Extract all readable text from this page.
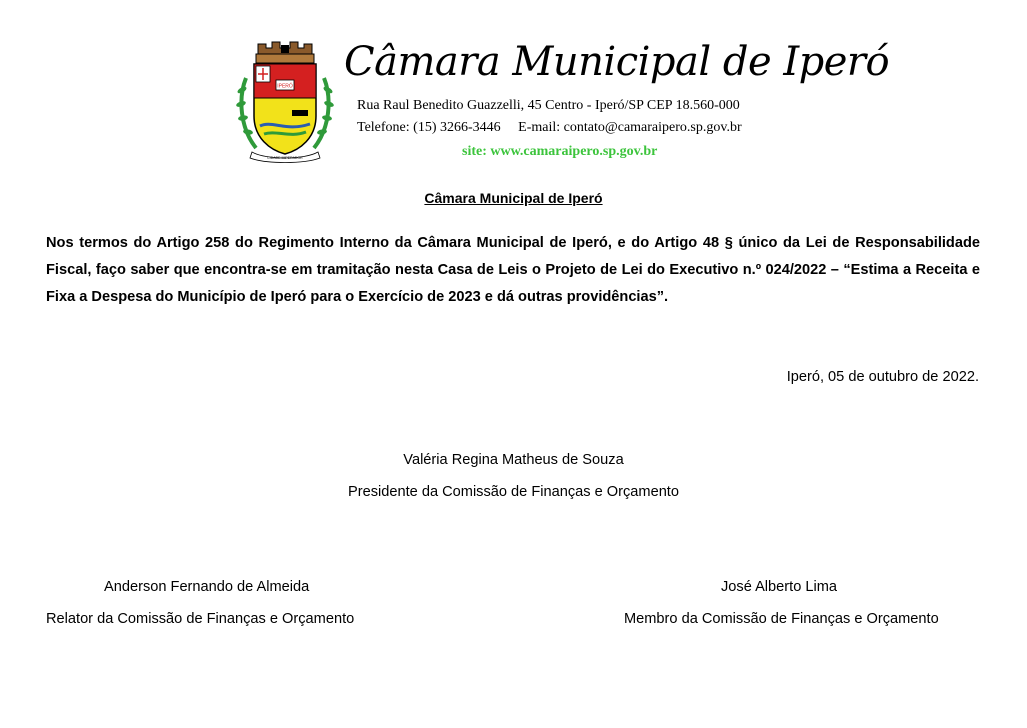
IPERÓ
CIDADE IMPERADOR
Câmara Municipal de Iperó
Rua Raul Benedito Guazzelli, 45 Centro - Iperó/SP CEP 18.560-000
Telefone: (15) 3266-3446     E-mail: contato@camaraipero.sp.gov.br
site: www.camaraipero.sp.gov.br
Câmara Municipal de Iperó

Nos termos do Artigo 258 do Regimento Interno da Câmara Municipal de Iperó, e do Artigo 48 § único da Lei de Responsabilidade Fiscal, faço saber que encontra-se em tramitação nesta Casa de Leis o Projeto de Lei do Executivo n.º 024/2022 – “Estima a Receita e Fixa a Despesa do Município de Iperó para o Exercício de 2023 e dá outras providências”.

Iperó, 05 de outubro de 2022.
Valéria Regina Matheus de Souza
Presidente da Comissão de Finanças e Orçamento
Anderson Fernando de Almeida
Relator da Comissão de Finanças e Orçamento
José Alberto Lima
Membro da Comissão de Finanças e Orçamento
